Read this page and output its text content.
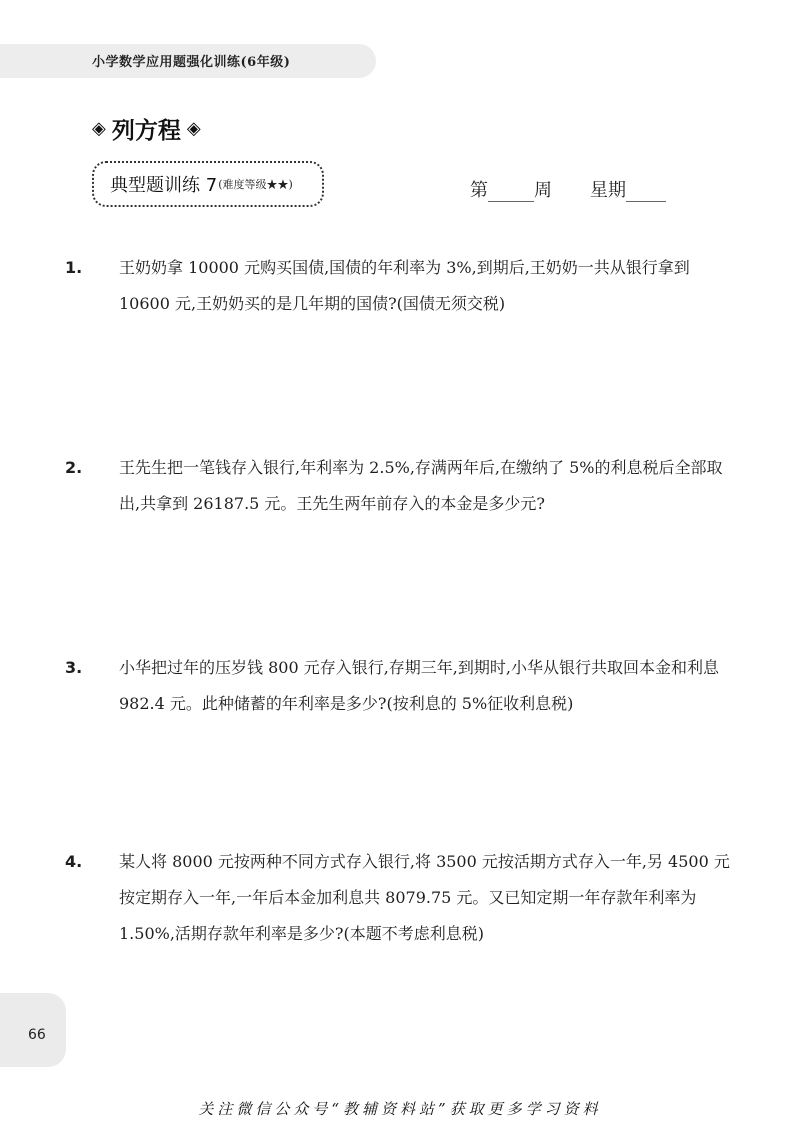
小学数学应用题强化训练(6年级)
◈ 列方程 ◈
典型题训练 7 (难度等级★★)	第	周 星期
1. 王奶奶拿 10000 元购买国债,国债的年利率为 3%,到期后,王奶奶一共从银行拿到 10600 元,王奶奶买的是几年期的国债?(国债无须交税)
2. 王先生把一笔钱存入银行,年利率为 2.5%,存满两年后,在缴纳了 5%的利息税后全部取出,共拿到 26187.5 元。王先生两年前存入的本金是多少元?
3. 小华把过年的压岁钱 800 元存入银行,存期三年,到期时,小华从银行共取回本金和利息 982.4 元。此种储蓄的年利率是多少?(按利息的 5%征收利息税)
4. 某人将 8000 元按两种不同方式存入银行,将 3500 元按活期方式存入一年,另 4500 元按定期存入一年,一年后本金加利息共 8079.75 元。又已知定期一年存款年利率为 1.50%,活期存款年利率是多少?(本题不考虑利息税)
66
关注微信公众号“教辅资料站”获取更多学习资料
